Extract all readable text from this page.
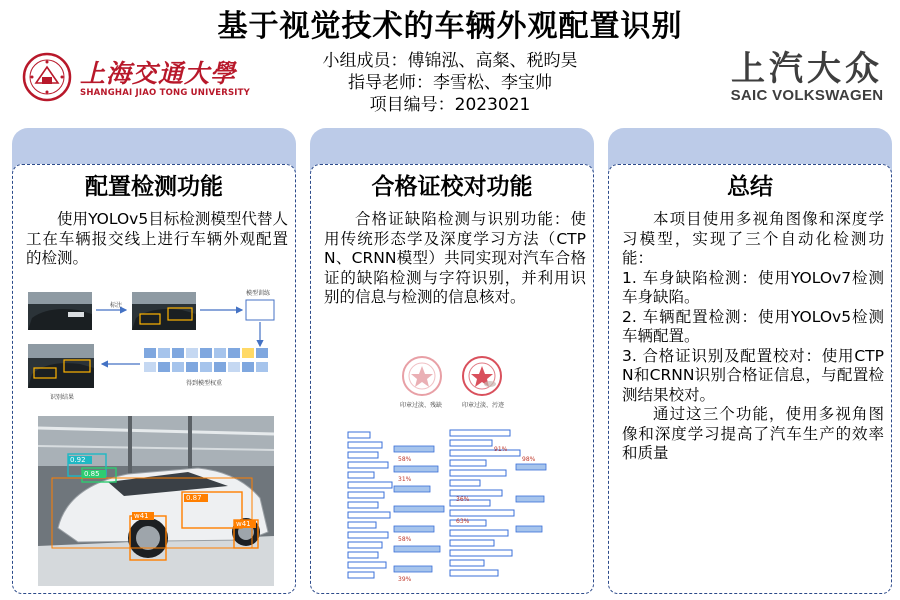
基于视觉技术的车辆外观配置识别
小组成员：傅锦泓、高粲、税昀昊
指导老师：李雪松、李宝帅
项目编号：2023021
上海交通大學
SHANGHAI JIAO TONG UNIVERSITY
上汽大众
SAIC VOLKSWAGEN
配置检测功能
使用YOLOv5目标检测模型代替人工在车辆报交线上进行车辆外观配置的检测。
标注
模型训练
识别结果
得到模型权重
0.92
0.85
w41
0.87
w41
合格证校对功能
合格证缺陷检测与识别功能：使用传统形态学及深度学习方法（CTPN、CRNN模型）共同实现对汽车合格证的缺陷检测与字符识别，并利用识别的信息与检测的信息核对。
印章过淡、残缺	印章过淡、污迹
91%
98%
58%
31%
36%
63%
58%
39%
总结
本项目使用多视角图像和深度学习模型，实现了三个自动化检测功能：
1. 车身缺陷检测：使用YOLOv7检测车身缺陷。
2. 车辆配置检测：使用YOLOv5检测车辆配置。
3. 合格证识别及配置校对：使用CTPN和CRNN识别合格证信息，与配置检测结果校对。
通过这三个功能，使用多视角图像和深度学习提高了汽车生产的效率和质量
